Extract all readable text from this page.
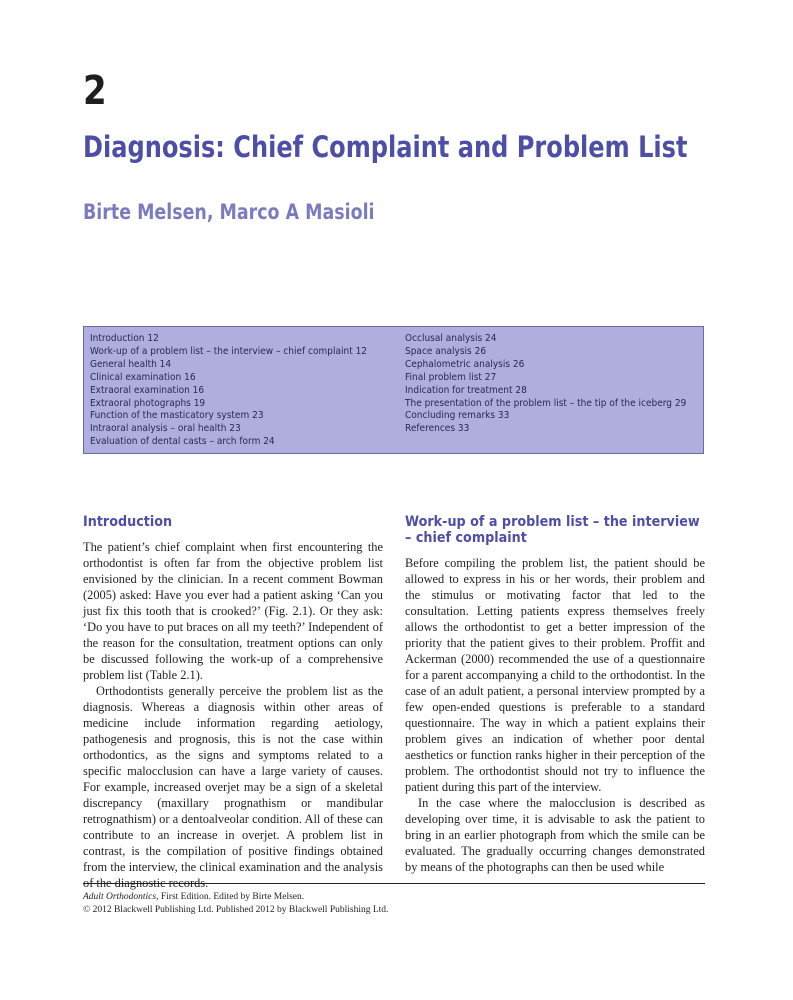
2
Diagnosis: Chief Complaint and Problem List
Birte Melsen, Marco A Masioli
Introduction 12
Work-up of a problem list – the interview – chief complaint 12
General health 14
Clinical examination 16
Extraoral examination 16
Extraoral photographs 19
Function of the masticatory system 23
Intraoral analysis – oral health 23
Evaluation of dental casts – arch form 24
Occlusal analysis 24
Space analysis 26
Cephalometric analysis 26
Final problem list 27
Indication for treatment 28
The presentation of the problem list – the tip of the iceberg 29
Concluding remarks 33
References 33
Introduction

The patient’s chief complaint when first encountering the orthodontist is often far from the objective problem list envisioned by the clinician. In a recent comment Bowman (2005) asked: Have you ever had a patient asking ‘Can you just fix this tooth that is crooked?’ (Fig. 2.1). Or they ask: ‘Do you have to put braces on all my teeth?’ Independent of the reason for the consultation, treatment options can only be discussed following the work-up of a comprehensive problem list (Table 2.1).

Orthodontists generally perceive the problem list as the diagnosis. Whereas a diagnosis within other areas of medicine include information regarding aetiology, pathogenesis and prognosis, this is not the case within orthodontics, as the signs and symptoms related to a specific malocclusion can have a large variety of causes. For example, increased overjet may be a sign of a skeletal discrepancy (maxillary prognathism or mandibular retrognathism) or a dentoalveolar condition. All of these can contribute to an increase in overjet. A problem list in contrast, is the compilation of positive findings obtained from the interview, the clinical examination and the analysis of the diagnostic records.

Work-up of a problem list – the interview
– chief complaint

Before compiling the problem list, the patient should be allowed to express in his or her words, their problem and the stimulus or motivating factor that led to the consultation. Letting patients express themselves freely allows the orthodontist to get a better impression of the priority that the patient gives to their problem. Proffit and Ackerman (2000) recommended the use of a questionnaire for a parent accompanying a child to the orthodontist. In the case of an adult patient, a personal interview prompted by a few open-ended questions is preferable to a standard questionnaire. The way in which a patient explains their problem gives an indication of whether poor dental aesthetics or function ranks higher in their perception of the problem. The orthodontist should not try to influence the patient during this part of the interview.

In the case where the malocclusion is described as developing over time, it is advisable to ask the patient to bring in an earlier photograph from which the smile can be evaluated. The gradually occurring changes demonstrated by means of the photographs can then be used while

Adult Orthodontics, First Edition. Edited by Birte Melsen.
© 2012 Blackwell Publishing Ltd. Published 2012 by Blackwell Publishing Ltd.
